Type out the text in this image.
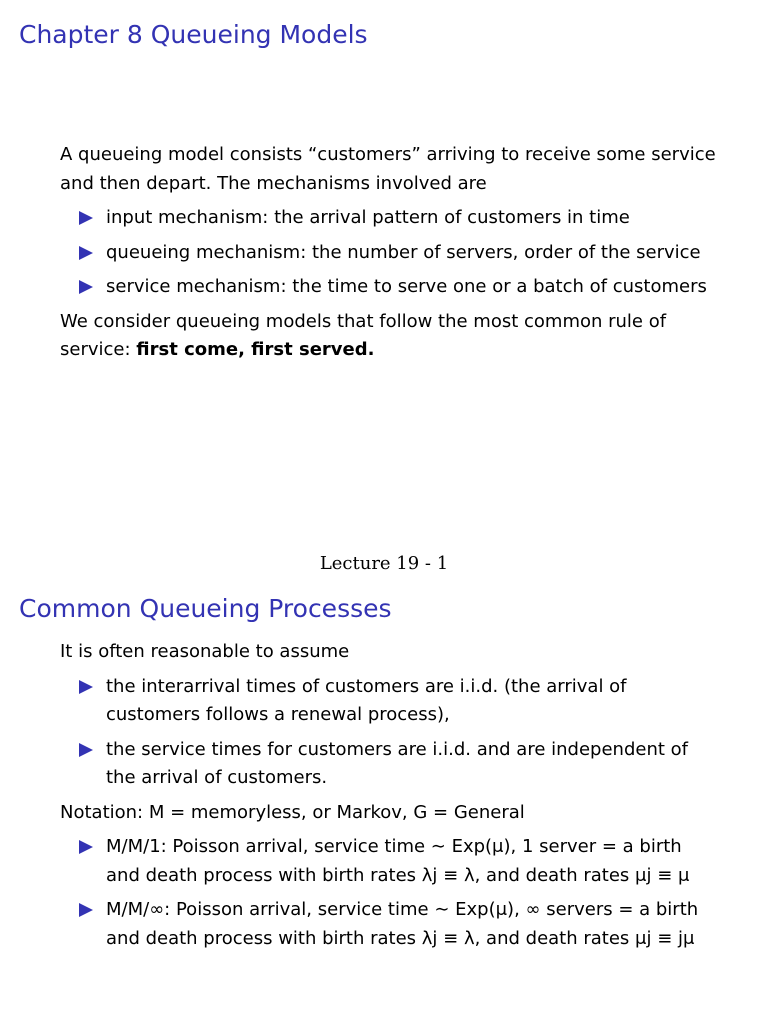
Chapter 8 Queueing Models

A queueing model consists “customers” arriving to receive some service and then depart. The mechanisms involved are

input mechanism: the arrival pattern of customers in time
queueing mechanism: the number of servers, order of the service
service mechanism: the time to serve one or a batch of customers

We consider queueing models that follow the most common rule of service: first come, first served.

Lecture 19 - 1
Common Queueing Processes

It is often reasonable to assume

the interarrival times of customers are i.i.d. (the arrival of customers follows a renewal process),
the service times for customers are i.i.d. and are independent of the arrival of customers.

Notation: M = memoryless, or Markov, G = General

M/M/1: Poisson arrival, service time ∼ Exp(μ), 1 server = a birth and death process with birth rates λj ≡ λ, and death rates μj ≡ μ
M/M/∞: Poisson arrival, service time ∼ Exp(μ), ∞ servers = a birth and death process with birth rates λj ≡ λ, and death rates μj ≡ jμ
